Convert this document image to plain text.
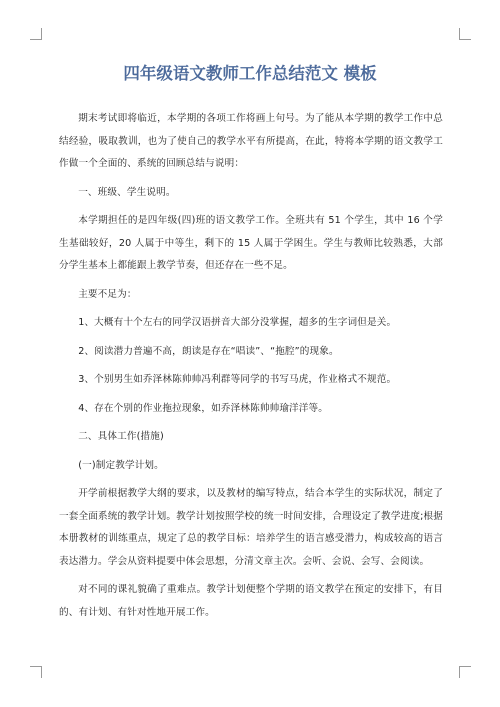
四年级语文教师工作总结范文 模板

期末考试即将临近，本学期的各项工作将画上句号。为了能从本学期的教学工作中总结经验，吸取教训，也为了使自己的教学水平有所提高，在此，特将本学期的语文教学工作做一个全面的、系统的回顾总结与说明：

一、班级、学生说明。

本学期担任的是四年级(四)班的语文教学工作。全班共有 51 个学生，其中 16 个学生基础较好，20 人属于中等生，剩下的 15 人属于学困生。学生与教师比较熟悉，大部分学生基本上都能跟上教学节奏，但还存在一些不足。

主要不足为：

1、大概有十个左右的同学汉语拼音大部分没掌握，超多的生字词但是关。

2、阅读潜力普遍不高，朗读是存在“唱读”、“拖腔”的现象。

3、个别男生如乔泽林陈帅帅冯利群等同学的书写马虎，作业格式不规范。

4、存在个别的作业拖拉现象，如乔泽林陈帅帅瑜洋洋等。

二、具体工作(措施)

(一)制定教学计划。

开学前根据教学大纲的要求，以及教材的编写特点，结合本学生的实际状况，制定了一套全面系统的教学计划。教学计划按照学校的统一时间安排，合理设定了教学进度;根据本册教材的训练重点，规定了总的教学目标：培养学生的语言感受潜力，构成较高的语言表达潜力。学会从资料提要中体会思想，分清文章主次。会听、会说、会写、会阅读。

对不同的课礼貌确了重难点。教学计划便整个学期的语文教学在预定的安排下，有目的、有计划、有针对性地开展工作。
